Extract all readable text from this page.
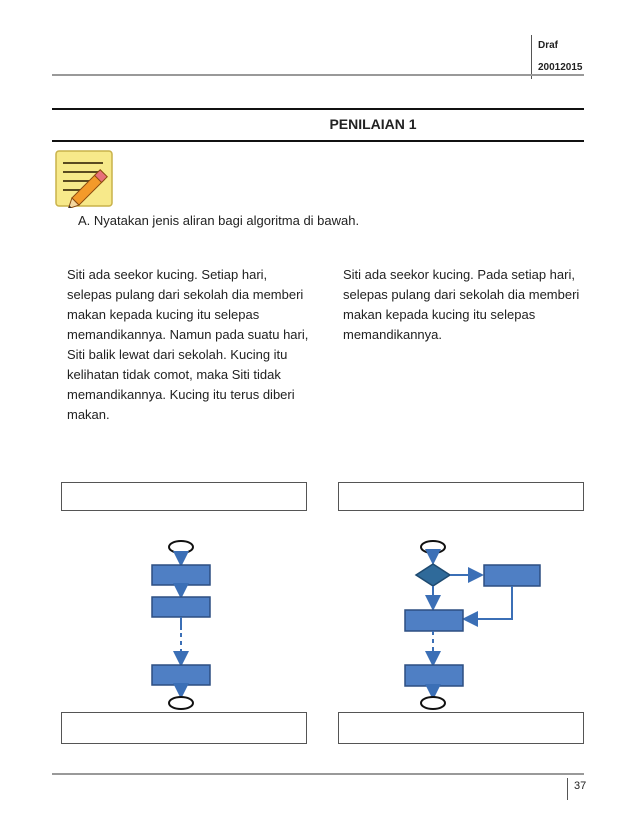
Draf
20012015
PENILAIAN 1
A. Nyatakan jenis aliran bagi algoritma di bawah.
Siti ada seekor kucing. Setiap hari, selepas pulang dari sekolah dia memberi makan kepada kucing itu selepas memandikannya. Namun pada suatu hari, Siti balik lewat dari sekolah. Kucing itu kelihatan tidak comot, maka Siti tidak memandikannya. Kucing itu terus diberi makan.
Siti ada seekor kucing. Pada setiap hari, selepas pulang dari sekolah dia memberi makan kepada kucing itu selepas memandikannya.
37
